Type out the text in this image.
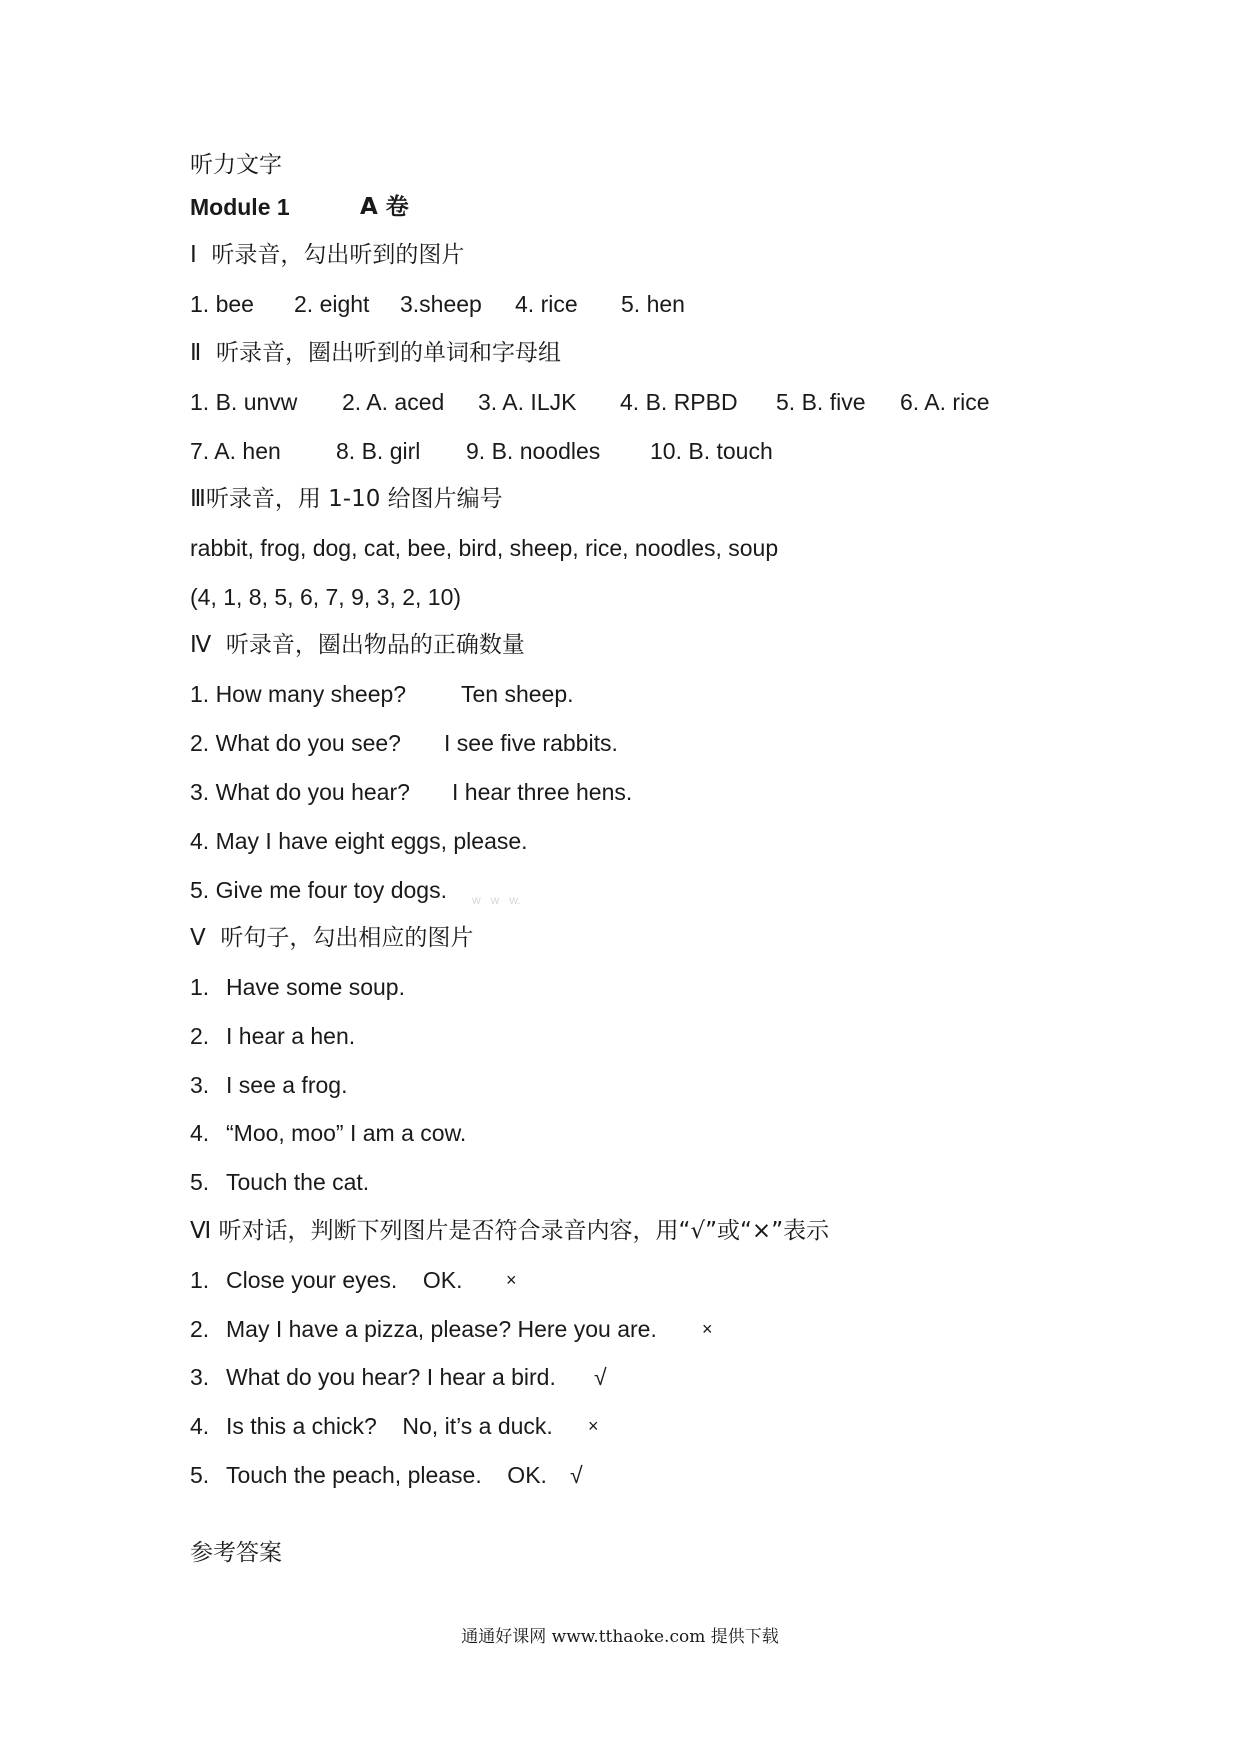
听力文字

Module 1

	A 卷

Ⅰ  听录音，勾出听到的图片

1. bee

2. eight

3.sheep

4. rice

5. hen

Ⅱ  听录音，圈出听到的单词和字母组

1. B. unvw

2. A. aced

3. A. ILJK

4. B. RPBD

5. B. five

6. A. rice

7. A. hen

8. B. girl

9. B. noodles

10. B. touch

Ⅲ听录音，用 1-10 给图片编号
rabbit, frog, dog, cat, bee, bird, sheep, rice, noodles, soup
(4, 1, 8, 5, 6, 7, 9, 3, 2, 10)
Ⅳ  听录音，圈出物品的正确数量

1. How many sheep?

Ten sheep.

2. What do you see?

I see five rabbits.

3. What do you hear?

I hear three hens.

4. May I have eight eggs, please.

5. Give me four toy dogs.

w   w   w.

Ⅴ  听句子，勾出相应的图片

1.

Have some soup.

2.

I hear a hen.

3.

I see a frog.

4.

“Moo, moo” I am a cow.

5.

Touch the cat.

Ⅵ 听对话，判断下列图片是否符合录音内容，用“√”或“×”表示

1.

Close your eyes.    OK.

×

2.

May I have a pizza, please? Here you are.

	×

3.

What do you hear? I hear a bird.

√

4.

Is this a chick?    No, it’s a duck.

×

5.

Touch the peach, please.    OK.

√

参考答案
通通好课网 www.tthaoke.com 提供下载
